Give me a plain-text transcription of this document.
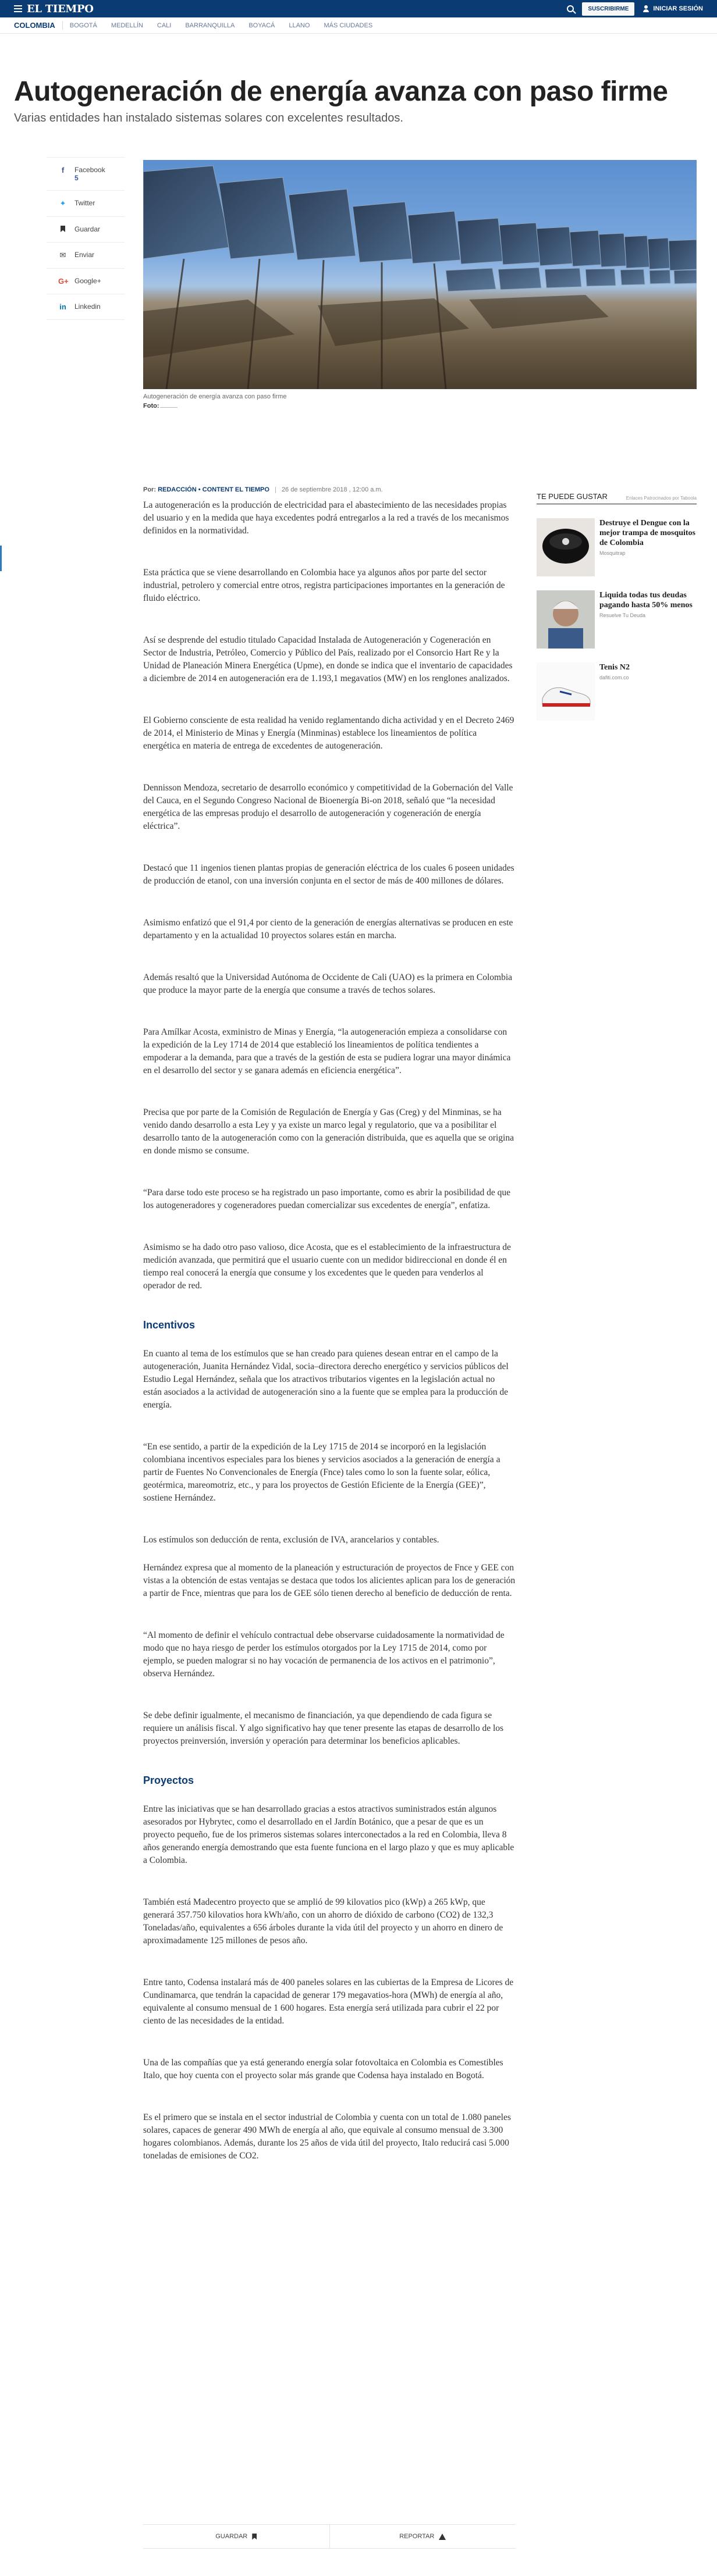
EL TIEMPO	SUSCRIBIRME	INICIAR SESIÓN
COLOMBIA	BOGOTÁ	MEDELLÍN	CALI	BARRANQUILLA	BOYACÁ	LLANO	MÁS CIUDADES
Autogeneración de energía avanza con paso firme

Varias entidades han instalado sistemas solares con excelentes resultados.

f	Facebook
5
✦ Twitter
Guardar
✉ Enviar
G+ Google+
in Linkedin
Autogeneración de energía avanza con paso firme
Foto:
Por: REDACCIÓN • CONTENT EL TIEMPO | 26 de septiembre 2018 , 12:00 a.m.

La autogeneración es la producción de electricidad para el abastecimiento de las necesidades propias del usuario y en la medida que haya excedentes podrá entregarlos a la red a través de los mecanismos definidos en la normatividad.

Esta práctica que se viene desarrollando en Colombia hace ya algunos años por parte del sector industrial, petrolero y comercial entre otros, registra participaciones importantes en la generación de fluido eléctrico.

Así se desprende del estudio titulado Capacidad Instalada de Autogeneración y Cogeneración en Sector de Industria, Petróleo, Comercio y Público del País, realizado por el Consorcio Hart Re y la Unidad de Planeación Minera Energética (Upme), en donde se indica que el inventario de capacidades a diciembre de 2014 en autogeneración era de 1.193,1 megavatios (MW) en los renglones analizados.

El Gobierno consciente de esta realidad ha venido reglamentando dicha actividad y en el Decreto 2469 de 2014, el Ministerio de Minas y Energía (Minminas) establece los lineamientos de política energética en materia de entrega de excedentes de autogeneración.

Dennisson Mendoza, secretario de desarrollo económico y competitividad de la Gobernación del Valle del Cauca, en el Segundo Congreso Nacional de Bioenergía Bi-on 2018, señaló que “la necesidad energética de las empresas produjo el desarrollo de autogeneración y cogeneración de energía eléctrica”.

Destacó que 11 ingenios tienen plantas propias de generación eléctrica de los cuales 6 poseen unidades de producción de etanol, con una inversión conjunta en el sector de más de 400 millones de dólares.

Asimismo enfatizó que el 91,4 por ciento de la generación de energías alternativas se producen en este departamento y en la actualidad 10 proyectos solares están en marcha.

Además resaltó que la Universidad Autónoma de Occidente de Cali (UAO) es la primera en Colombia que produce la mayor parte de la energía que consume a través de techos solares.

Para Amílkar Acosta, exministro de Minas y Energía, “la autogeneración empieza a consolidarse con la expedición de la Ley 1714 de 2014 que estableció los lineamientos de política tendientes a empoderar a la demanda, para que a través de la gestión de esta se pudiera lograr una mayor dinámica en el desarrollo del sector y se ganara además en eficiencia energética”.

Precisa que por parte de la Comisión de Regulación de Energía y Gas (Creg) y del Minminas, se ha venido dando desarrollo a esta Ley y ya existe un marco legal y regulatorio, que va a posibilitar el desarrollo tanto de la autogeneración como con la generación distribuida, que es aquella que se origina en donde mismo se consume.

“Para darse todo este proceso se ha registrado un paso importante, como es abrir la posibilidad de que los autogeneradores y cogeneradores puedan comercializar sus excedentes de energía”, enfatiza.

Asimismo se ha dado otro paso valioso, dice Acosta, que es el establecimiento de la infraestructura de medición avanzada, que permitirá que el usuario cuente con un medidor bidireccional en donde él en tiempo real conocerá la energía que consume y los excedentes que le queden para venderlos al operador de red.

Incentivos

En cuanto al tema de los estímulos que se han creado para quienes desean entrar en el campo de la autogeneración, Juanita Hernández Vidal, socia–directora derecho energético y servicios públicos del Estudio Legal Hernández, señala que los atractivos tributarios vigentes en la legislación actual no están asociados a la actividad de autogeneración sino a la fuente que se emplea para la producción de energía.

“En ese sentido, a partir de la expedición de la Ley 1715 de 2014 se incorporó en la legislación colombiana incentivos especiales para los bienes y servicios asociados a la generación de energía a partir de Fuentes No Convencionales de Energía (Fnce) tales como lo son la fuente solar, eólica, geotérmica, mareomotriz, etc., y para los proyectos de Gestión Eficiente de la Energía (GEE)”, sostiene Hernández.

Los estímulos son deducción de renta, exclusión de IVA, arancelarios y contables.

Hernández expresa que al momento de la planeación y estructuración de proyectos de Fnce y GEE con vistas a la obtención de estas ventajas se destaca que todos los alicientes aplican para los de generación a partir de Fnce, mientras que para los de GEE sólo tienen derecho al beneficio de deducción de renta.

“Al momento de definir el vehículo contractual debe observarse cuidadosamente la normatividad de modo que no haya riesgo de perder los estímulos otorgados por la Ley 1715 de 2014, como por ejemplo, se pueden malograr si no hay vocación de permanencia de los activos en el patrimonio”, observa Hernández.

Se debe definir igualmente, el mecanismo de financiación, ya que dependiendo de cada figura se requiere un análisis fiscal. Y algo significativo hay que tener presente las etapas de desarrollo de los proyectos preinversión, inversión y operación para determinar los beneficios aplicables.

Proyectos

Entre las iniciativas que se han desarrollado gracias a estos atractivos suministrados están algunos asesorados por Hybrytec, como el desarrollado en el Jardín Botánico, que a pesar de que es un proyecto pequeño, fue de los primeros sistemas solares interconectados a la red en Colombia, lleva 8 años generando energía demostrando que esta fuente funciona en el largo plazo y que es muy aplicable a Colombia.

También está Madecentro proyecto que se amplió de 99 kilovatios pico (kWp) a 265 kWp, que generará 357.750 kilovatios hora kWh/año, con un ahorro de dióxido de carbono (CO2) de 132,3 Toneladas/año, equivalentes a 656 árboles durante la vida útil del proyecto y un ahorro en dinero de aproximadamente 125 millones de pesos año.

Entre tanto, Codensa instalará más de 400 paneles solares en las cubiertas de la Empresa de Licores de Cundinamarca, que tendrán la capacidad de generar 179 megavatios-hora (MWh) de energía al año, equivalente al consumo mensual de 1 600 hogares. Esta energía será utilizada para cubrir el 22 por ciento de las necesidades de la entidad.

Una de las compañías que ya está generando energía solar fotovoltaica en Colombia es Comestibles Italo, que hoy cuenta con el proyecto solar más grande que Codensa haya instalado en Bogotá.

Es el primero que se instala en el sector industrial de Colombia y cuenta con un total de 1.080 paneles solares, capaces de generar 490 MWh de energía al año, que equivale al consumo mensual de 3.300 hogares colombianos. Además, durante los 25 años de vida útil del proyecto, Italo reducirá casi 5.000 toneladas de emisiones de CO2.

TE PUEDE GUSTAR	Enlaces Patrocinados por Taboola
Destruye el Dengue con la mejor trampa de mosquitos de Colombia
Mosquitrap
Liquida todas tus deudas pagando hasta 50% menos
Resuelve Tu Deuda
Tenis N2
dafiti.com.co
GUARDAR	REPORTAR
